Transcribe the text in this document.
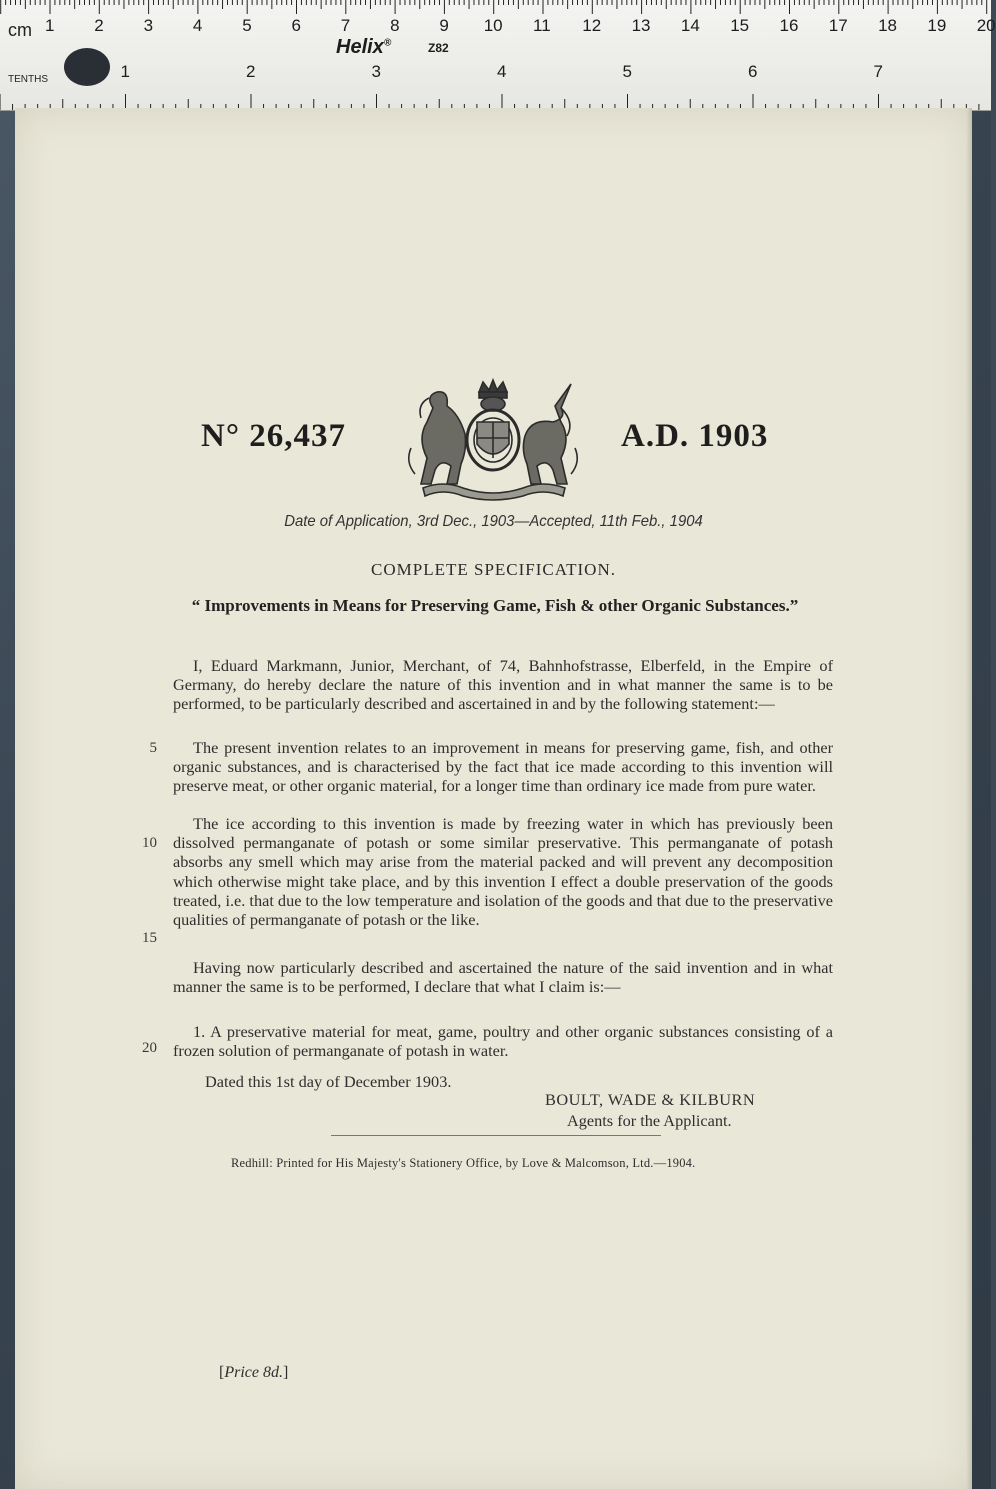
cm
TENTHS
Helix®	Z82
1 2 3 4 5 6 7 8 9 10 11 12 13 14 15 16 17 18 19 20
1	2	3	4	5	6	7
N° 26,437	A.D. 1903
Date of Application, 3rd Dec., 1903—Accepted, 11th Feb., 1904
COMPLETE SPECIFICATION.
“ Improvements in Means for Preserving Game, Fish & other Organic Substances.”

I, Eduard Markmann, Junior, Merchant, of 74, Bahnhofstrasse, Elberfeld, in the Empire of Germany, do hereby declare the nature of this invention and in what manner the same is to be performed, to be particularly described and ascertained in and by the following statement:—

The present invention relates to an improvement in means for preserving game, fish, and other organic substances, and is characterised by the fact that ice made according to this invention will preserve meat, or other organic material, for a longer time than ordinary ice made from pure water.

The ice according to this invention is made by freezing water in which has previously been dissolved permanganate of potash or some similar preservative. This permanganate of potash absorbs any smell which may arise from the material packed and will prevent any decomposition which otherwise might take place, and by this invention I effect a double preservation of the goods treated, i.e. that due to the low temperature and isolation of the goods and that due to the preservative qualities of permanganate of potash or the like.

Having now particularly described and ascertained the nature of the said invention and in what manner the same is to be performed, I declare that what I claim is:—

1. A preservative material for meat, game, poultry and other organic substances consisting of a frozen solution of permanganate of potash in water.

5
10
15
20
Dated this 1st day of December 1903.
BOULT, WADE & KILBURN
Agents for the Applicant.
Redhill: Printed for His Majesty's Stationery Office, by Love & Malcomson, Ltd.—1904.
[Price 8d.]
